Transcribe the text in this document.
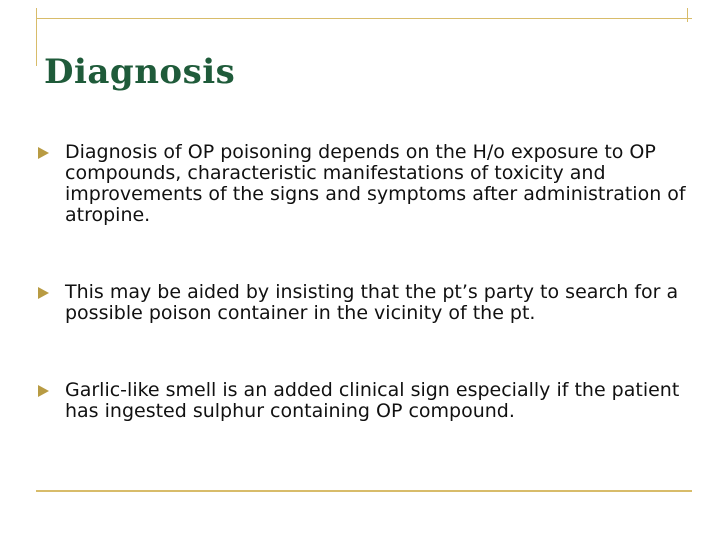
Diagnosis
Diagnosis of OP poisoning depends on the H/o exposure to OP compounds, characteristic manifestations of toxicity and improvements of the signs and symptoms after administration of atropine.
This may be aided by insisting that the pt’s party to search for a possible poison container in the vicinity of the pt.
Garlic-like smell is an added clinical sign especially if the patient has ingested sulphur containing OP compound.
